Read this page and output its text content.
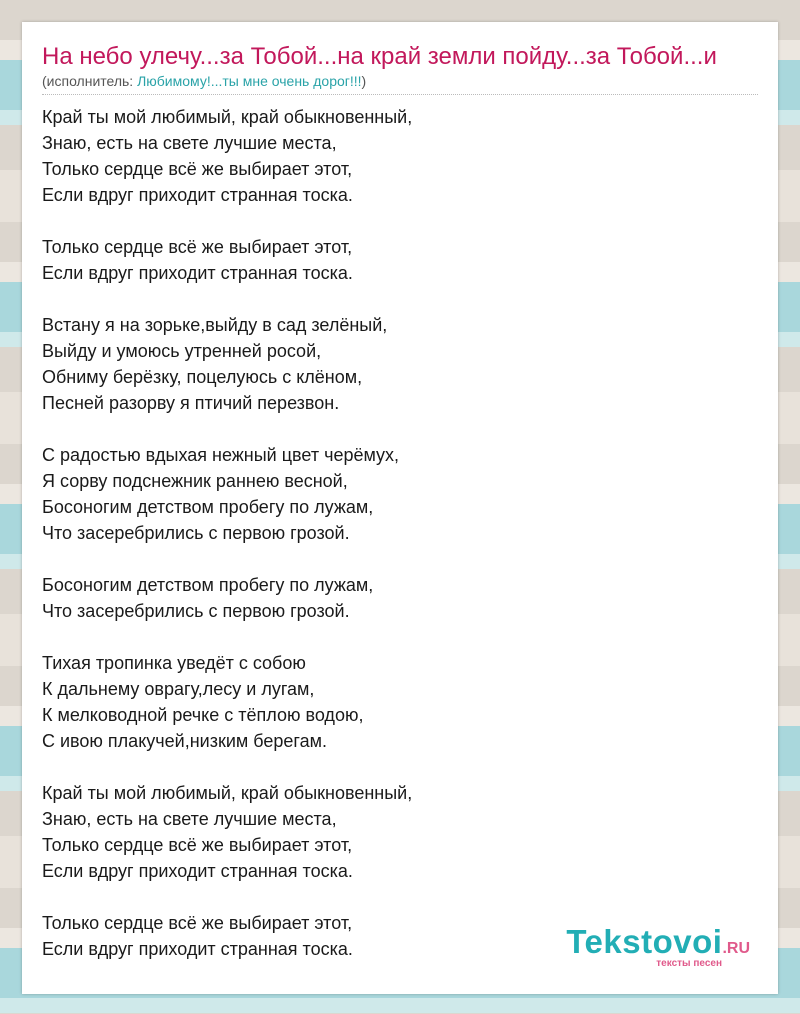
На небо улечу...за Тобой...на край земли пойду...за Тобой...и
(исполнитель: Любимому!...ты мне очень дорог!!!)
Край ты мой любимый, край обыкновенный,
Знаю, есть на свете лучшие места,
Только сердце всё же выбирает этот,
Если вдруг приходит странная тоска.
Только сердце всё же выбирает этот,
Если вдруг приходит странная тоска.
Встану я на зорьке,выйду в сад зелёный,
Выйду и умоюсь утренней росой,
Обниму берёзку, поцелуюсь с клёном,
Песней разорву я птичий перезвон.
С радостью вдыхая нежный цвет черёмух,
Я сорву подснежник раннею весной,
Босоногим детством пробегу по лужам,
Что засеребрились с первою грозой.
Босоногим детством пробегу по лужам,
Что засеребрились с первою грозой.
Тихая тропинка уведёт с собою
К дальнему оврагу,лесу и лугам,
К мелководной речке с тёплою водою,
С ивою плакучей,низким берегам.
Край ты мой любимый, край обыкновенный,
Знаю, есть на свете лучшие места,
Только сердце всё же выбирает этот,
Если вдруг приходит странная тоска.
Только сердце всё же выбирает этот,
Если вдруг приходит странная тоска.	Tekstovoi.RU
тексты песен
